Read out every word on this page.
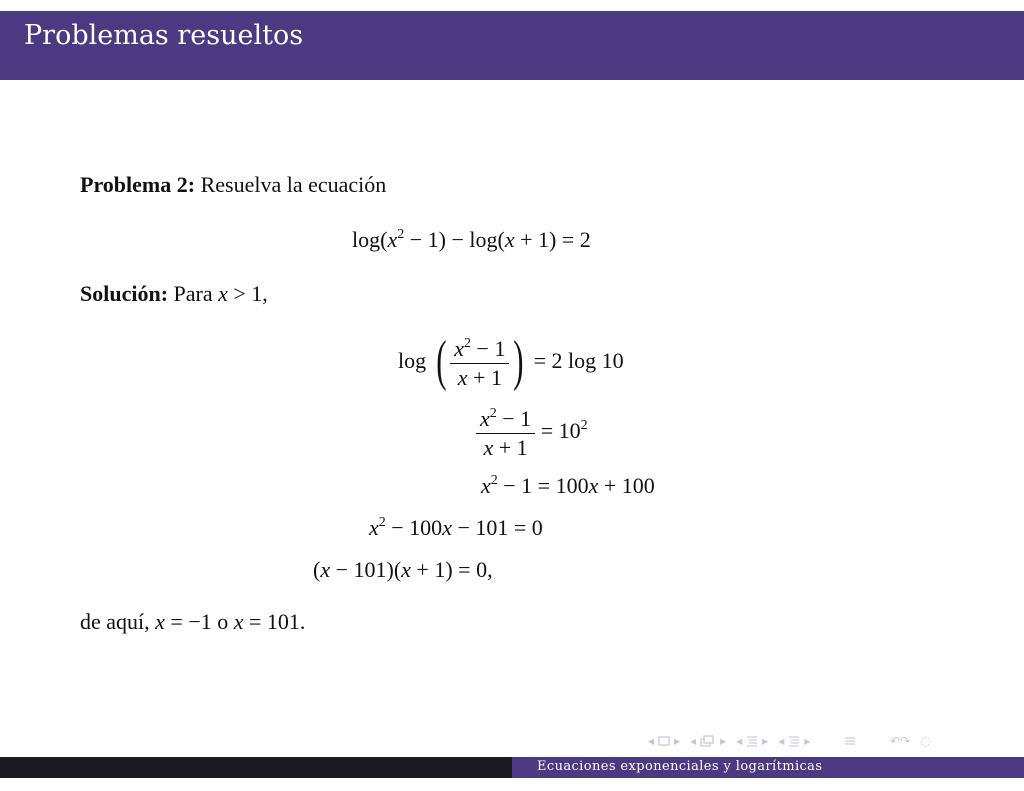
Problemas resueltos
Problema 2: Resuelva la ecuación
$\log(x^2 - 1) - \log(x + 1) = 2$
Solución: Para x > 1,
log ( $\frac{x^2 - 1}{x + 1}$ ) = 2 log 10
$\frac{x^2 - 1}{x + 1} = 10^2$
$x^2 - 1 = 100x + 100$
$x^2 - 100x - 101 = 0$
(x − 101)(x + 1) = 0,
de aquí, x = −1 o x = 101.
◂ ▸ ◂ ▸ ◂ ▸ ◂ ▸	↶↷ ◌
Ecuaciones exponenciales y logarítmicas
